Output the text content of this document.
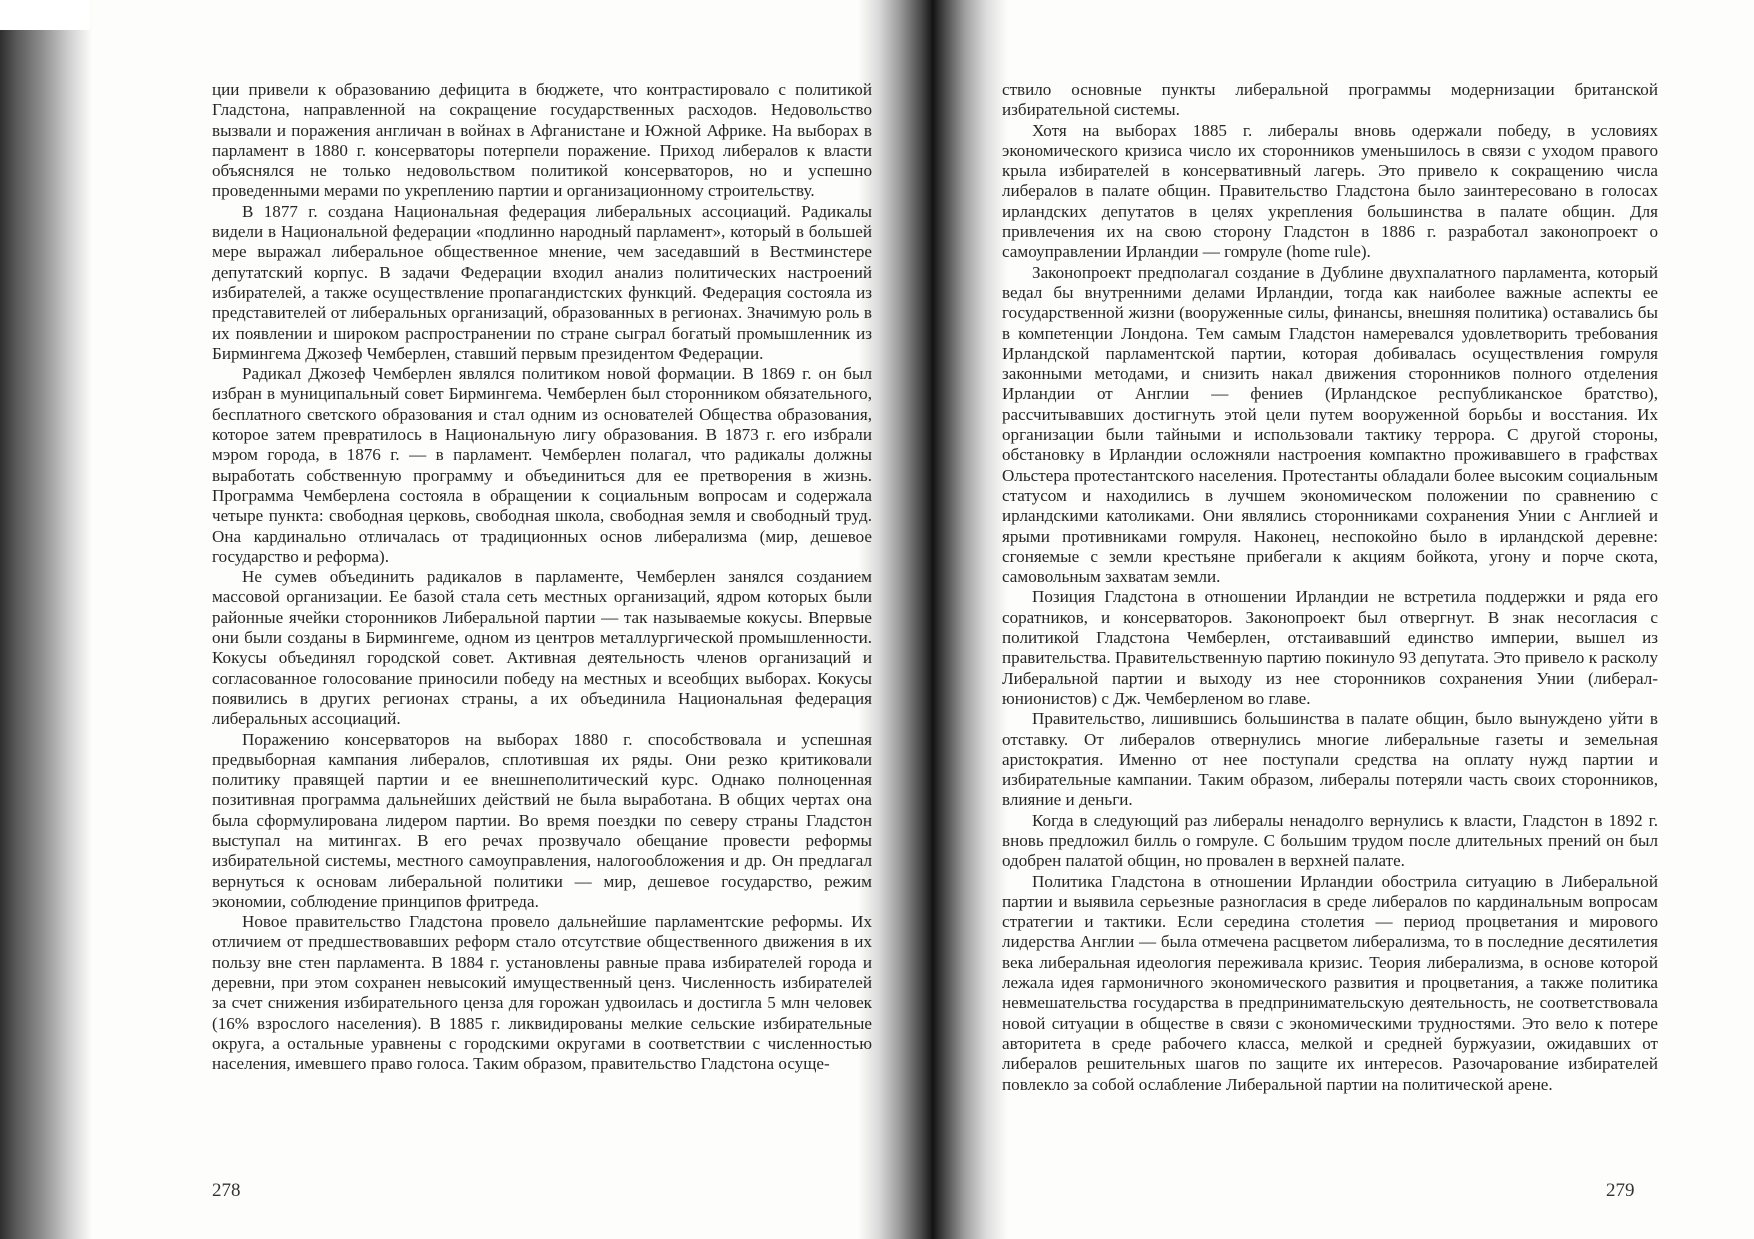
ции привели к образованию дефицита в бюджете, что контрастировало с политикой Гладстона, направленной на сокращение государственных расходов. Недовольство вызвали и поражения англичан в войнах в Афганистане и Южной Африке. На выборах в парламент в 1880 г. консерваторы потерпели поражение. Приход либералов к власти объяснялся не только недовольством политикой консерваторов, но и успешно проведенными мерами по укреплению партии и организационному строительству.

В 1877 г. создана Национальная федерация либеральных ассоциаций. Радикалы видели в Национальной федерации «подлинно народный парламент», который в большей мере выражал либеральное общественное мнение, чем заседавший в Вестминстере депутатский корпус. В задачи Федерации входил анализ политических настроений избирателей, а также осуществление пропагандистских функций. Федерация состояла из представителей от либеральных организаций, образованных в регионах. Значимую роль в их появлении и широком распространении по стране сыграл богатый промышленник из Бирмингема Джозеф Чемберлен, ставший первым президентом Федерации.

Радикал Джозеф Чемберлен являлся политиком новой формации. В 1869 г. он был избран в муниципальный совет Бирмингема. Чемберлен был сторонником обязательного, бесплатного светского образования и стал одним из основателей Общества образования, которое затем превратилось в Национальную лигу образования. В 1873 г. его избрали мэром города, в 1876 г. — в парламент. Чемберлен полагал, что радикалы должны выработать собственную программу и объединиться для ее претворения в жизнь. Программа Чемберлена состояла в обращении к социальным вопросам и содержала четыре пункта: свободная церковь, свободная школа, свободная земля и свободный труд. Она кардинально отличалась от традиционных основ либерализма (мир, дешевое государство и реформа).

Не сумев объединить радикалов в парламенте, Чемберлен занялся созданием массовой организации. Ее базой стала сеть местных организаций, ядром которых были районные ячейки сторонников Либеральной партии — так называемые кокусы. Впервые они были созданы в Бирмингеме, одном из центров металлургической промышленности. Кокусы объединял городской совет. Активная деятельность членов организаций и согласованное голосование приносили победу на местных и всеобщих выборах. Кокусы появились в других регионах страны, а их объединила Национальная федерация либеральных ассоциаций.

Поражению консерваторов на выборах 1880 г. способствовала и успешная предвыборная кампания либералов, сплотившая их ряды. Они резко критиковали политику правящей партии и ее внешнеполитический курс. Однако полноценная позитивная программа дальнейших действий не была выработана. В общих чертах она была сформулирована лидером партии. Во время поездки по северу страны Гладстон выступал на митингах. В его речах прозвучало обещание провести реформы избирательной системы, местного самоуправления, налогообложения и др. Он предлагал вернуться к основам либеральной политики — мир, дешевое государство, режим экономии, соблюдение принципов фритреда.

Новое правительство Гладстона провело дальнейшие парламентские реформы. Их отличием от предшествовавших реформ стало отсутствие общественного движения в их пользу вне стен парламента. В 1884 г. установлены равные права избирателей города и деревни, при этом сохранен невысокий имущественный ценз. Численность избирателей за счет снижения избирательного ценза для горожан удвоилась и достигла 5 млн человек (16% взрослого населения). В 1885 г. ликвидированы мелкие сельские избирательные округа, а остальные уравнены с городскими округами в соответствии с численностью населения, имевшего право голоса. Таким образом, правительство Гладстона осуще-

278

ствило основные пункты либеральной программы модернизации британской избирательной системы.

Хотя на выборах 1885 г. либералы вновь одержали победу, в условиях экономического кризиса число их сторонников уменьшилось в связи с уходом правого крыла избирателей в консервативный лагерь. Это привело к сокращению числа либералов в палате общин. Правительство Гладстона было заинтересовано в голосах ирландских депутатов в целях укрепления большинства в палате общин. Для привлечения их на свою сторону Гладстон в 1886 г. разработал законопроект о самоуправлении Ирландии — гомруле (home rule).

Законопроект предполагал создание в Дублине двухпалатного парламента, который ведал бы внутренними делами Ирландии, тогда как наиболее важные аспекты ее государственной жизни (вооруженные силы, финансы, внешняя политика) оставались бы в компетенции Лондона. Тем самым Гладстон намеревался удовлетворить требования Ирландской парламентской партии, которая добивалась осуществления гомруля законными методами, и снизить накал движения сторонников полного отделения Ирландии от Англии — фениев (Ирландское республиканское братство), рассчитывавших достигнуть этой цели путем вооруженной борьбы и восстания. Их организации были тайными и использовали тактику террора. С другой стороны, обстановку в Ирландии осложняли настроения компактно проживавшего в графствах Ольстера протестантского населения. Протестанты обладали более высоким социальным статусом и находились в лучшем экономическом положении по сравнению с ирландскими католиками. Они являлись сторонниками сохранения Унии с Англией и ярыми противниками гомруля. Наконец, неспокойно было в ирландской деревне: сгоняемые с земли крестьяне прибегали к акциям бойкота, угону и порче скота, самовольным захватам земли.

Позиция Гладстона в отношении Ирландии не встретила поддержки и ряда его соратников, и консерваторов. Законопроект был отвергнут. В знак несогласия с политикой Гладстона Чемберлен, отстаивавший единство империи, вышел из правительства. Правительственную партию покинуло 93 депутата. Это привело к расколу Либеральной партии и выходу из нее сторонников сохранения Унии (либерал-юнионистов) с Дж. Чемберленом во главе.

Правительство, лишившись большинства в палате общин, было вынуждено уйти в отставку. От либералов отвернулись многие либеральные газеты и земельная аристократия. Именно от нее поступали средства на оплату нужд партии и избирательные кампании. Таким образом, либералы потеряли часть своих сторонников, влияние и деньги.

Когда в следующий раз либералы ненадолго вернулись к власти, Гладстон в 1892 г. вновь предложил билль о гомруле. С большим трудом после длительных прений он был одобрен палатой общин, но провален в верхней палате.

Политика Гладстона в отношении Ирландии обострила ситуацию в Либеральной партии и выявила серьезные разногласия в среде либералов по кардинальным вопросам стратегии и тактики. Если середина столетия — период процветания и мирового лидерства Англии — была отмечена расцветом либерализма, то в последние десятилетия века либеральная идеология переживала кризис. Теория либерализма, в основе которой лежала идея гармоничного экономического развития и процветания, а также политика невмешательства государства в предпринимательскую деятельность, не соответствовала новой ситуации в обществе в связи с экономическими трудностями. Это вело к потере авторитета в среде рабочего класса, мелкой и средней буржуазии, ожидавших от либералов решительных шагов по защите их интересов. Разочарование избирателей повлекло за собой ослабление Либеральной партии на политической арене.

279
